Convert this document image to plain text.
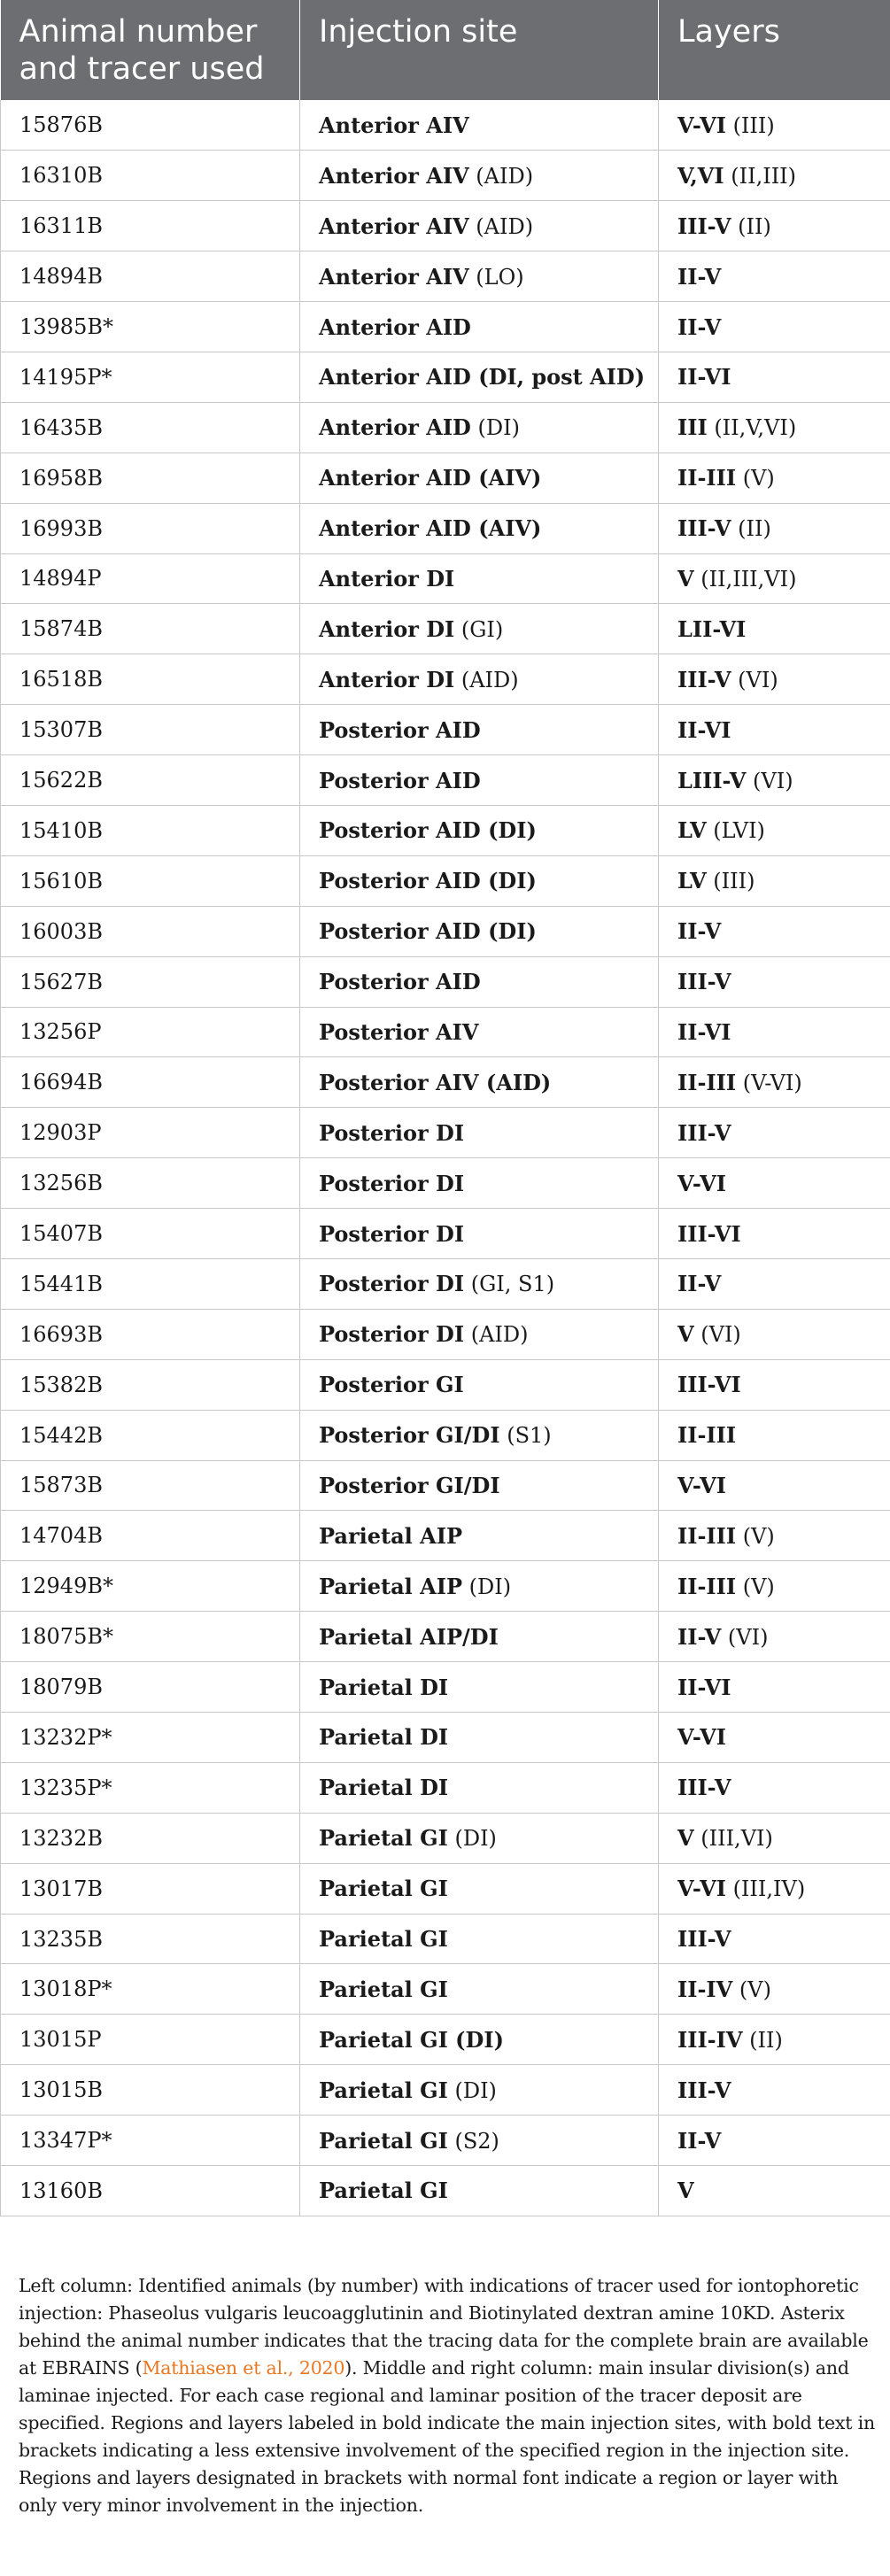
Animal number and tracer used	Injection site	Layers
15876B	Anterior AIV	V-VI (III)
16310B	Anterior AIV (AID)	V,VI (II,III)
16311B	Anterior AIV (AID)	III-V (II)
14894B	Anterior AIV (LO)	II-V
13985B*	Anterior AID	II-V
14195P*	Anterior AID (DI, post AID)	II-VI
16435B	Anterior AID (DI)	III (II,V,VI)
16958B	Anterior AID (AIV)	II-III (V)
16993B	Anterior AID (AIV)	III-V (II)
14894P	Anterior DI	V (II,III,VI)
15874B	Anterior DI (GI)	LII-VI
16518B	Anterior DI (AID)	III-V (VI)
15307B	Posterior AID	II-VI
15622B	Posterior AID	LIII-V (VI)
15410B	Posterior AID (DI)	LV (LVI)
15610B	Posterior AID (DI)	LV (III)
16003B	Posterior AID (DI)	II-V
15627B	Posterior AID	III-V
13256P	Posterior AIV	II-VI
16694B	Posterior AIV (AID)	II-III (V-VI)
12903P	Posterior DI	III-V
13256B	Posterior DI	V-VI
15407B	Posterior DI	III-VI
15441B	Posterior DI (GI, S1)	II-V
16693B	Posterior DI (AID)	V (VI)
15382B	Posterior GI	III-VI
15442B	Posterior GI/DI (S1)	II-III
15873B	Posterior GI/DI	V-VI
14704B	Parietal AIP	II-III (V)
12949B*	Parietal AIP (DI)	II-III (V)
18075B*	Parietal AIP/DI	II-V (VI)
18079B	Parietal DI	II-VI
13232P*	Parietal DI	V-VI
13235P*	Parietal DI	III-V
13232B	Parietal GI (DI)	V (III,VI)
13017B	Parietal GI	V-VI (III,IV)
13235B	Parietal GI	III-V
13018P*	Parietal GI	II-IV (V)
13015P	Parietal GI (DI)	III-IV (II)
13015B	Parietal GI (DI)	III-V
13347P*	Parietal GI (S2)	II-V
13160B	Parietal GI	V

Left column: Identified animals (by number) with indications of tracer used for iontophoretic injection: Phaseolus vulgaris leucoagglutinin and Biotinylated dextran amine 10KD. Asterix behind the animal number indicates that the tracing data for the complete brain are available at EBRAINS (Mathiasen et al., 2020). Middle and right column: main insular division(s) and laminae injected. For each case regional and laminar position of the tracer deposit are specified. Regions and layers labeled in bold indicate the main injection sites, with bold text in brackets indicating a less extensive involvement of the specified region in the injection site. Regions and layers designated in brackets with normal font indicate a region or layer with only very minor involvement in the injection.
